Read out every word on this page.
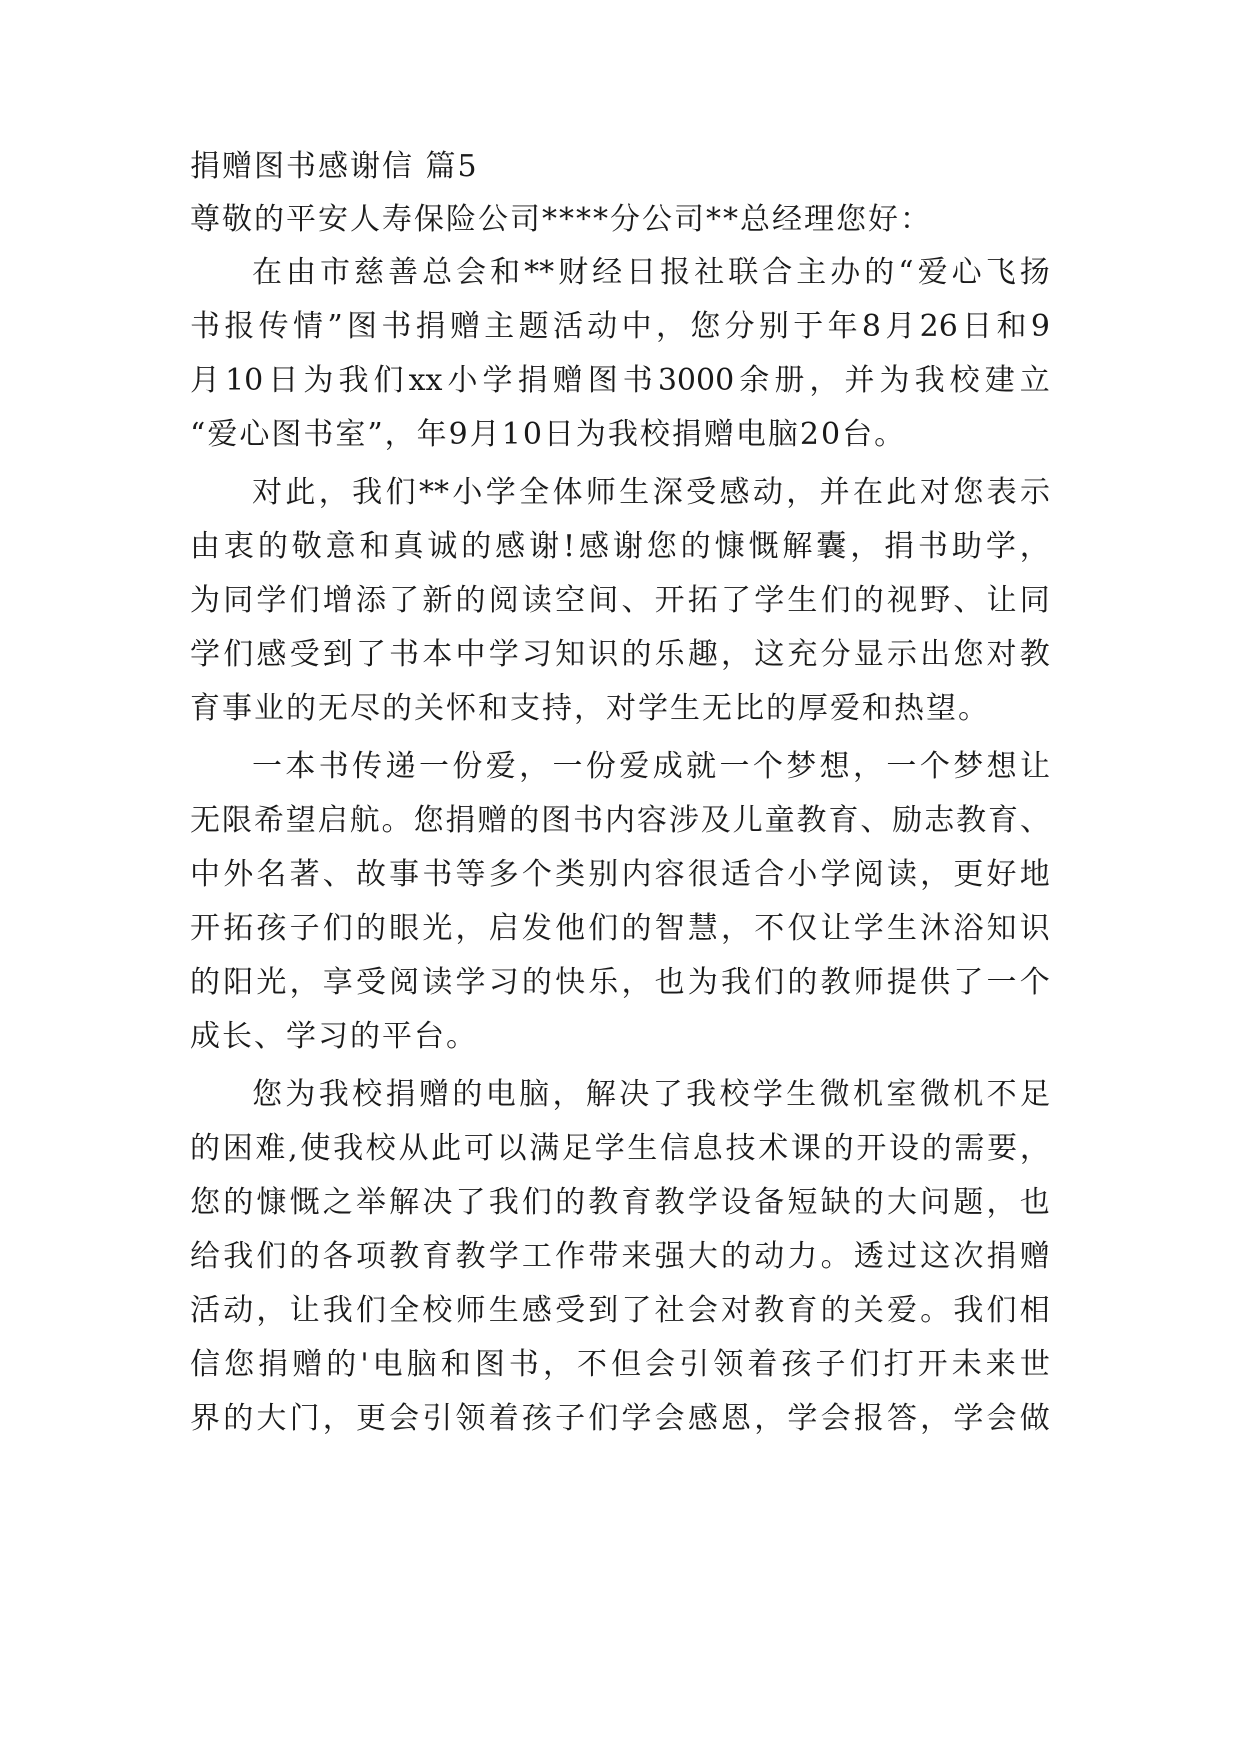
捐赠图书感谢信 篇5
尊敬的平安人寿保险公司****分公司**总经理您好：
在 由 市 慈 善 总 会 和 ** 财 经 日 报 社 联 合 主 办 的 “ 爱 心 飞 扬
书 报 传 情 ” 图 书 捐 赠 主 题 活 动 中 ， 您 分 别 于 年 8 月 26 日 和 9
月 10 日 为 我 们 xx 小 学 捐 赠 图 书 3000 余 册 ， 并 为 我 校 建 立
“爱心图书室”，年9月10日为我校捐赠电脑20台。
对 此 ， 我 们 ** 小 学 全 体 师 生 深 受 感 动 ， 并 在 此 对 您 表 示
由 衷 的 敬 意 和 真 诚 的 感 谢 ! 感 谢 您 的 慷 慨 解 囊 ， 捐 书 助 学 ，
为 同 学 们 增 添 了 新 的 阅 读 空 间 、 开 拓 了 学 生 们 的 视 野 、 让 同
学 们 感 受 到 了 书 本 中 学 习 知 识 的 乐 趣 ， 这 充 分 显 示 出 您 对 教
育事业的无尽的关怀和支持，对学生无比的厚爱和热望。
一 本 书 传 递 一 份 爱 ， 一 份 爱 成 就 一 个 梦 想 ， 一 个 梦 想 让
无 限 希 望 启 航 。 您 捐 赠 的 图 书 内 容 涉 及 儿 童 教 育 、 励 志 教 育 、
中 外 名 著 、 故 事 书 等 多 个 类 别 内 容 很 适 合 小 学 阅 读 ， 更 好 地
开 拓 孩 子 们 的 眼 光 ， 启 发 他 们 的 智 慧 ， 不 仅 让 学 生 沐 浴 知 识
的 阳 光 ， 享 受 阅 读 学 习 的 快 乐 ， 也 为 我 们 的 教 师 提 供 了 一 个
成长、学习的平台。
您 为 我 校 捐 赠 的 电 脑 ， 解 决 了 我 校 学 生 微 机 室 微 机 不 足
的 困 难 , 使 我 校 从 此 可 以 满 足 学 生 信 息 技 术 课 的 开 设 的 需 要 ，
您 的 慷 慨 之 举 解 决 了 我 们 的 教 育 教 学 设 备 短 缺 的 大 问 题 ， 也
给 我 们 的 各 项 教 育 教 学 工 作 带 来 强 大 的 动 力 。 透 过 这 次 捐 赠
活 动 ， 让 我 们 全 校 师 生 感 受 到 了 社 会 对 教 育 的 关 爱 。 我 们 相
信 您 捐 赠 的 ' 电 脑 和 图 书 ， 不 但 会 引 领 着 孩 子 们 打 开 未 来 世
界 的 大 门 ， 更 会 引 领 着 孩 子 们 学 会 感 恩 ， 学 会 报 答 ， 学 会 做
